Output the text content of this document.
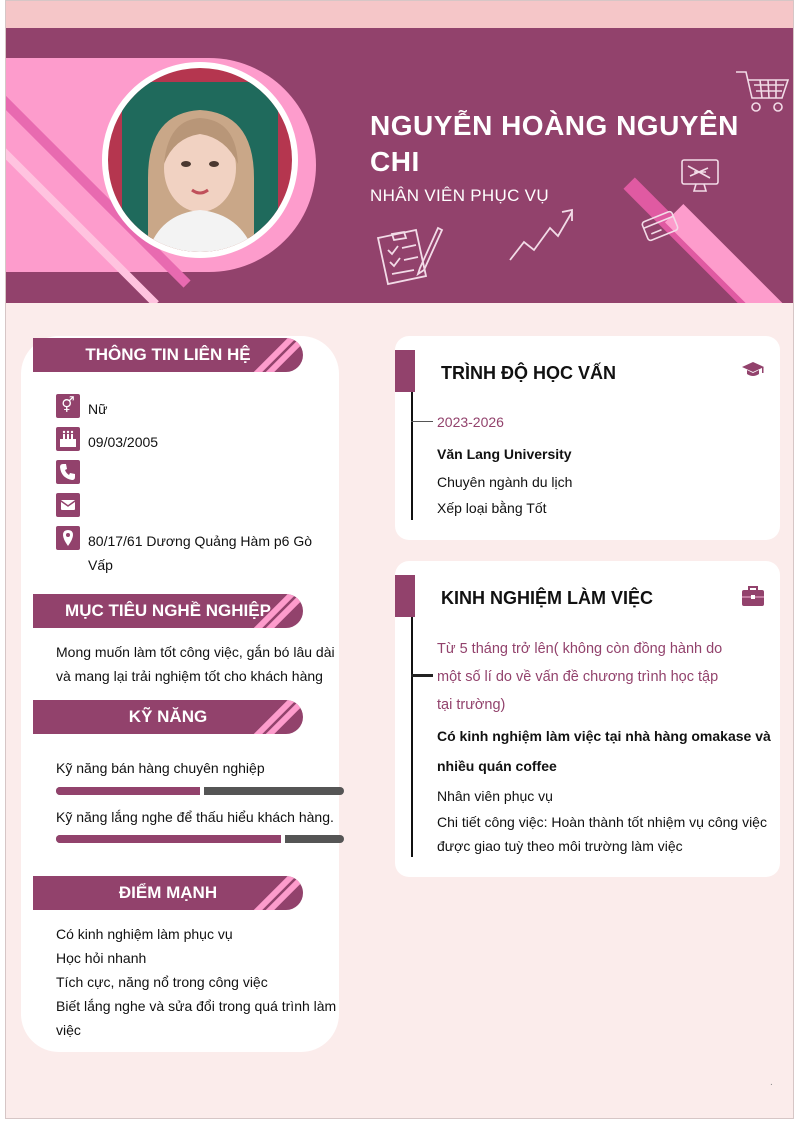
NGUYỄN HOÀNG NGUYÊN CHI
NHÂN VIÊN PHỤC VỤ
THÔNG TIN LIÊN HỆ
⚥ Nữ
09/03/2005
80/17/61 Dương Quảng Hàm p6 Gò Vấp
MỤC TIÊU NGHỀ NGHIỆP
Mong muốn làm tốt công việc, gắn bó lâu dài và mang lại trải nghiệm tốt cho khách hàng
KỸ NĂNG
Kỹ năng bán hàng chuyên nghiệp
Kỹ năng lắng nghe để thấu hiểu khách hàng.
ĐIỂM MẠNH
Có kinh nghiệm làm phục vụ
Học hỏi nhanh
Tích cực, năng nổ trong công việc
Biết lắng nghe và sửa đổi trong quá trình làm việc
TRÌNH ĐỘ HỌC VẤN
2023-2026
Văn Lang University
Chuyên ngành du lịch
Xếp loại bằng Tốt
KINH NGHIỆM LÀM VIỆC
Từ 5 tháng trở lên( không còn đồng hành do một số lí do về vấn đề chương trình học tập tại trường)
Có kinh nghiệm làm việc tại nhà hàng omakase và nhiều quán coffee
Nhân viên phục vụ
Chi tiết công việc: Hoàn thành tốt nhiệm vụ công việc được giao tuỳ theo môi trường làm việc
.
